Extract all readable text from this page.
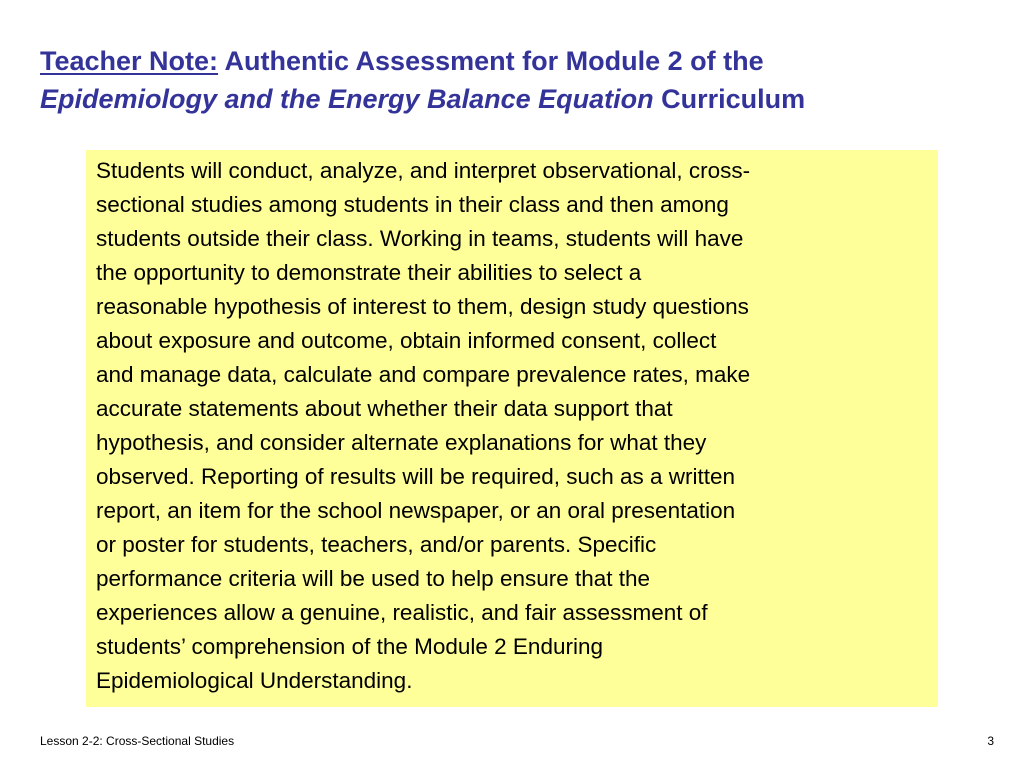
Teacher Note: Authentic Assessment for Module 2 of the
Epidemiology and the Energy Balance Equation Curriculum

Students will conduct, analyze, and interpret observational, cross-
sectional studies among students in their class and then among
students outside their class. Working in teams, students will have
the opportunity to demonstrate their abilities to select a
reasonable hypothesis of interest to them, design study questions
about exposure and outcome, obtain informed consent, collect
and manage data, calculate and compare prevalence rates, make
accurate statements about whether their data support that
hypothesis, and consider alternate explanations for what they
observed. Reporting of results will be required, such as a written
report, an item for the school newspaper, or an oral presentation
or poster for students, teachers, and/or parents. Specific
performance criteria will be used to help ensure that the
experiences allow a genuine, realistic, and fair assessment of
students’ comprehension of the Module 2 Enduring
Epidemiological Understanding.

Lesson 2-2: Cross-Sectional Studies	3
